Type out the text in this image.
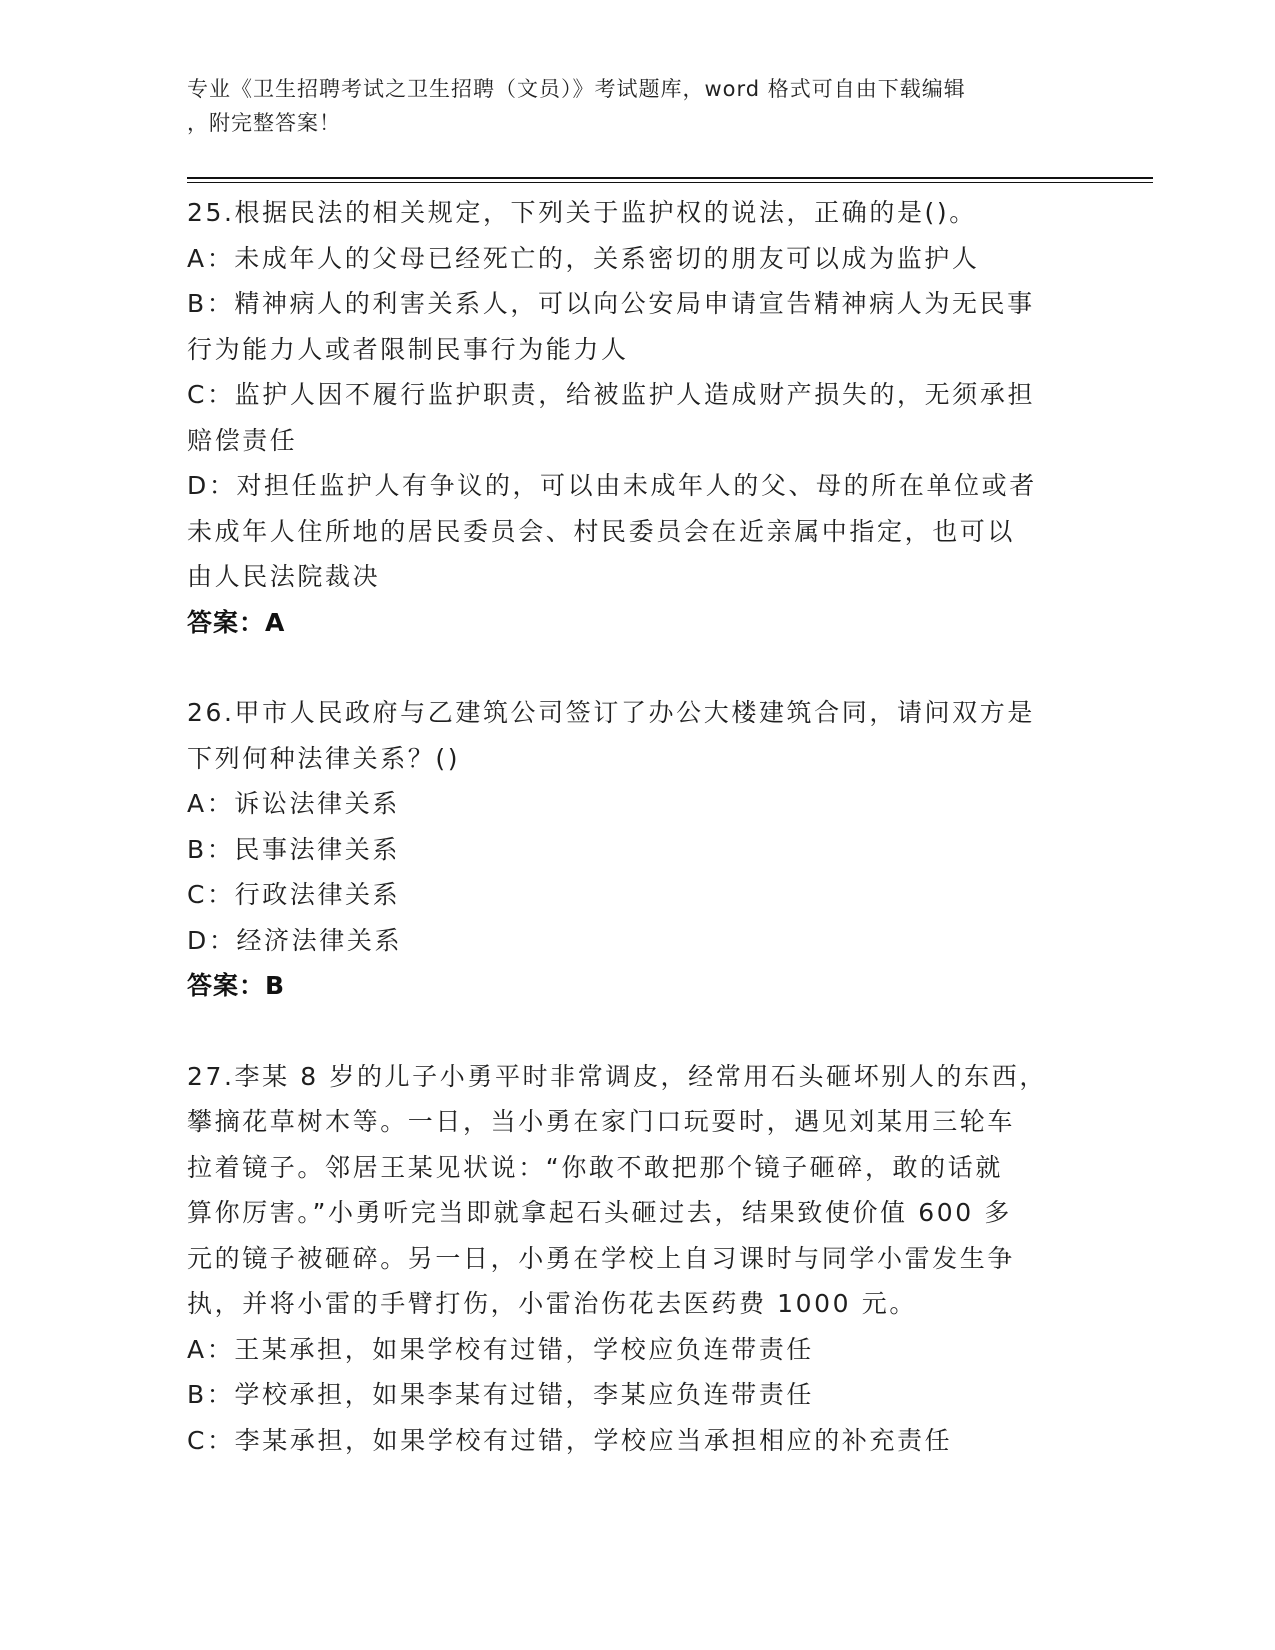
专业《卫生招聘考试之卫生招聘（文员）》考试题库，word 格式可自由下载编辑
，附完整答案！
25.根据民法的相关规定，下列关于监护权的说法，正确的是()。
A：未成年人的父母已经死亡的，关系密切的朋友可以成为监护人
B：精神病人的利害关系人，可以向公安局申请宣告精神病人为无民事
行为能力人或者限制民事行为能力人
C：监护人因不履行监护职责，给被监护人造成财产损失的，无须承担
赔偿责任
D：对担任监护人有争议的，可以由未成年人的父、母的所在单位或者
未成年人住所地的居民委员会、村民委员会在近亲属中指定，也可以
由人民法院裁决
答案：A
26.甲市人民政府与乙建筑公司签订了办公大楼建筑合同，请问双方是
下列何种法律关系？()
A：诉讼法律关系
B：民事法律关系
C：行政法律关系
D：经济法律关系
答案：B
27.李某 8 岁的儿子小勇平时非常调皮，经常用石头砸坏别人的东西，
攀摘花草树木等。一日，当小勇在家门口玩耍时，遇见刘某用三轮车
拉着镜子。邻居王某见状说：“你敢不敢把那个镜子砸碎，敢的话就
算你厉害。”小勇听完当即就拿起石头砸过去，结果致使价值 600 多
元的镜子被砸碎。另一日，小勇在学校上自习课时与同学小雷发生争
执，并将小雷的手臂打伤，小雷治伤花去医药费 1000 元。
A：王某承担，如果学校有过错，学校应负连带责任
B：学校承担，如果李某有过错，李某应负连带责任
C：李某承担，如果学校有过错，学校应当承担相应的补充责任
